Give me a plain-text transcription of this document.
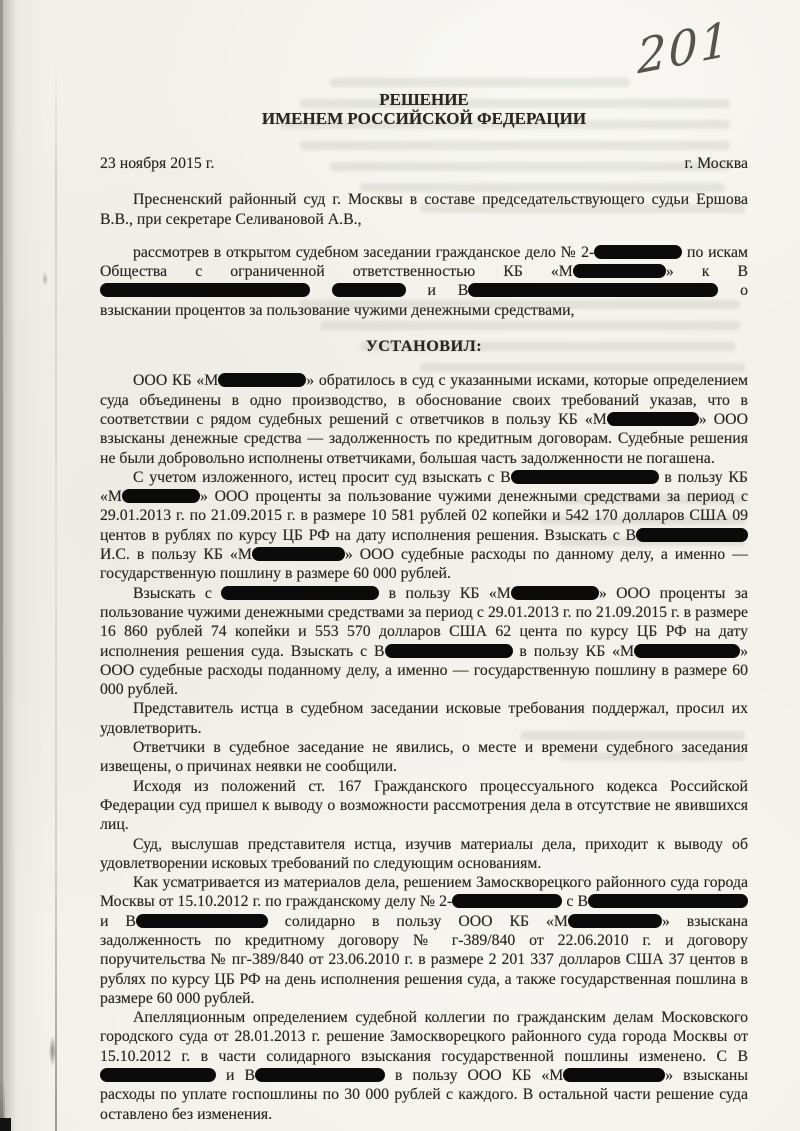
201

РЕШЕНИЕ

ИМЕНЕМ РОССИЙСКОЙ ФЕДЕРАЦИИ

23 ноября 2015 г.	г. Москва

Пресненский районный суд г. Москвы в составе председательствующего судьи Ершова В.В., при секретаре Селивановой А.В.,

рассмотрев в открытом судебном заседании гражданское дело № 2-	по искам Общества с ограниченной ответственностью КБ «М	» к В  и В	о взыскании процентов за пользование чужими денежными средствами,

УСТАНОВИЛ:

ООО КБ «М	» обратилось в суд с указанными исками, которые определением суда объединены в одно производство, в обоснование своих требований указав, что в соответствии с рядом судебных решений с ответчиков в пользу КБ «М	» ООО взысканы денежные средства — задолженность по кредитным договорам. Судебные решения не были добровольно исполнены ответчиками, большая часть задолженности не погашена.

С учетом изложенного, истец просит суд взыскать с В	в пользу КБ «М	» ООО проценты за пользование чужими денежными средствами за период с 29.01.2013 г. по 21.09.2015 г. в размере 10 581 рублей 02 копейки и 542 170 долларов США 09 центов в рублях по курсу ЦБ РФ на дату исполнения решения. Взыскать с В И.С. в пользу КБ «М	» ООО судебные расходы по данному делу, а именно — государственную пошлину в размере 60 000 рублей.

Взыскать с	в пользу КБ «М	» ООО проценты за пользование чужими денежными средствами за период с 29.01.2013 г. по 21.09.2015 г. в размере 16 860 рублей 74 копейки и 553 570 долларов США 62 цента по курсу ЦБ РФ на дату исполнения решения суда. Взыскать с В	в пользу КБ «М	» ООО судебные расходы поданному делу, а именно — государственную пошлину в размере 60 000 рублей.

Представитель истца в судебном заседании исковые требования поддержал, просил их удовлетворить.

Ответчики в судебное заседание не явились, о месте и времени судебного заседания извещены, о причинах неявки не сообщили.

Исходя из положений ст. 167 Гражданского процессуального кодекса Российской Федерации суд пришел к выводу о возможности рассмотрения дела в отсутствие не явившихся лиц.

Суд, выслушав представителя истца, изучив материалы дела, приходит к выводу об удовлетворении исковых требований по следующим основаниям.

Как усматривается из материалов дела, решением Замоскворецкого районного суда города Москвы от 15.10.2012 г. по гражданскому делу № 2-	с В и В	солидарно в пользу ООО КБ «М	» взыскана задолженность по кредитному договору № г-389/840 от 22.06.2010 г. и договору поручительства № пг-389/840 от 23.06.2010 г. в размере 2 201 337 долларов США 37 центов в рублях по курсу ЦБ РФ на день исполнения решения суда, а также государственная пошлина в размере 60 000 рублей.

Апелляционным определением судебной коллегии по гражданским делам Московского городского суда от 28.01.2013 г. решение Замоскворецкого районного суда города Москвы от 15.10.2012 г. в части солидарного взыскания государственной пошлины изменено. С В и В	в пользу ООО КБ «М	» взысканы расходы по уплате госпошлины по 30 000 рублей с каждого. В остальной части решение суда оставлено без изменения.
